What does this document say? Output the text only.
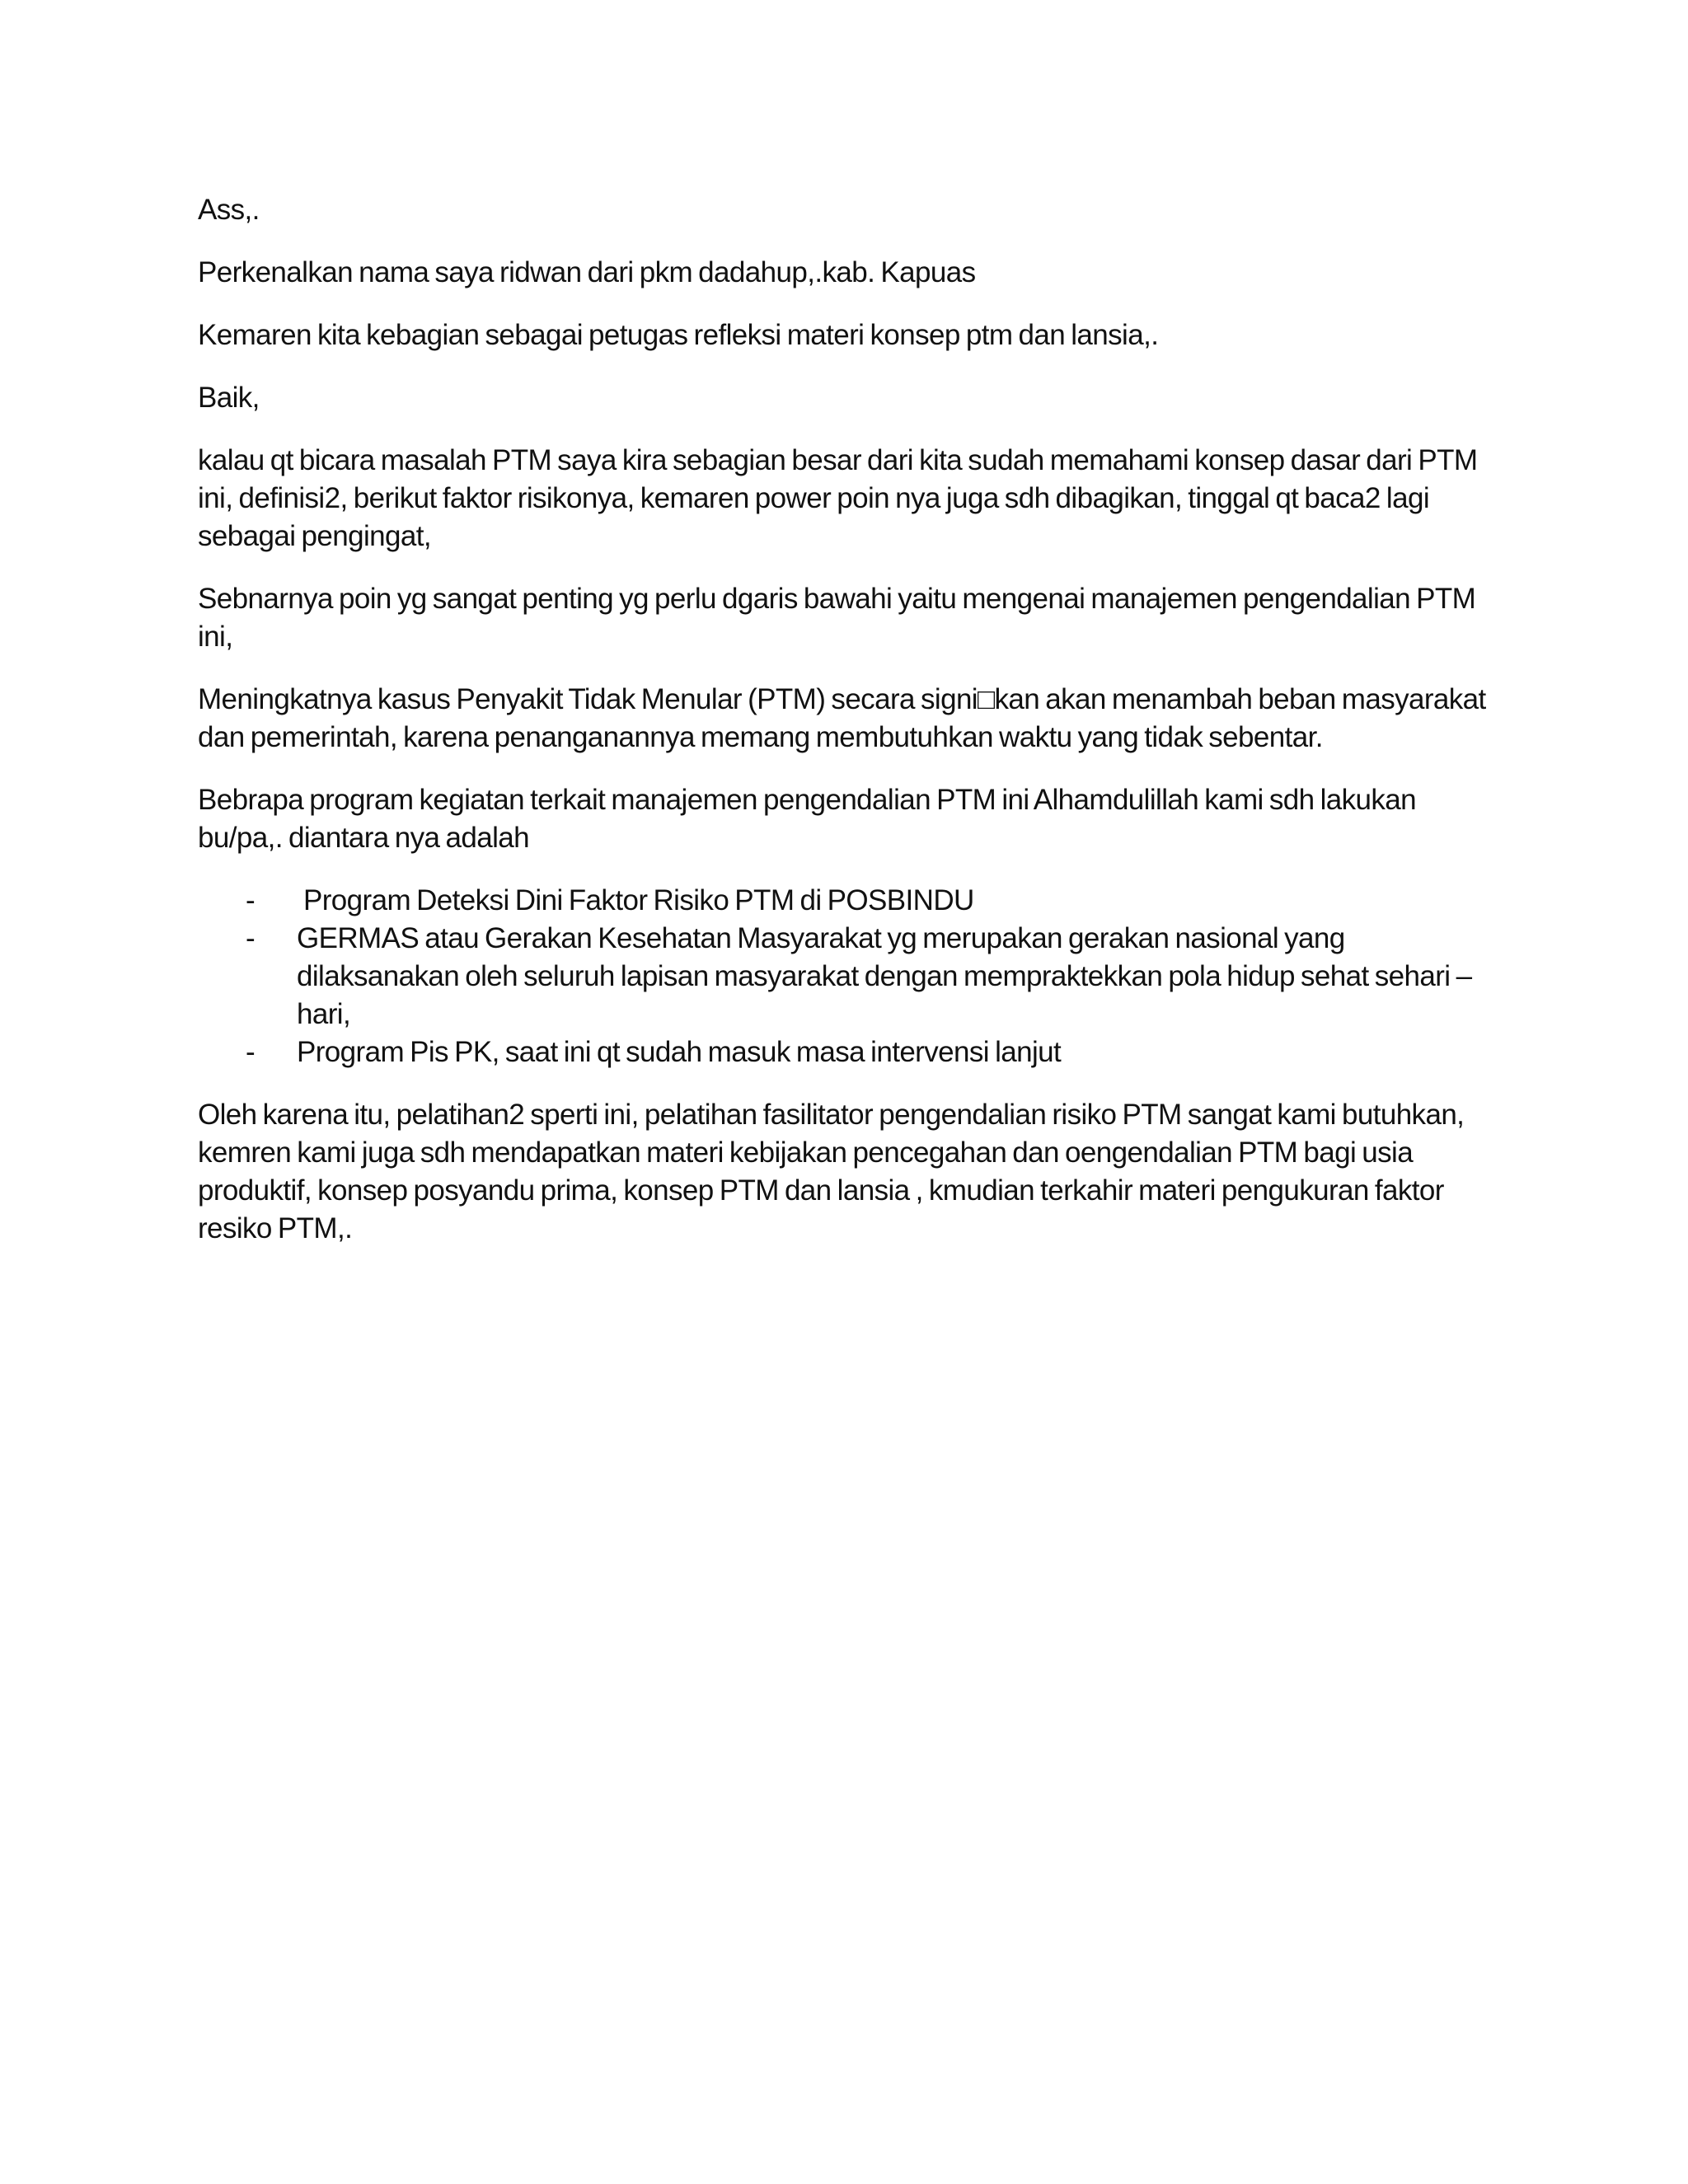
Ass,.

Perkenalkan nama saya ridwan dari pkm dadahup,.kab. Kapuas

Kemaren kita kebagian sebagai petugas refleksi materi konsep ptm dan lansia,.

Baik,

kalau qt bicara masalah PTM saya kira sebagian besar dari kita sudah memahami konsep dasar dari PTM ini, definisi2, berikut faktor risikonya, kemaren power poin nya juga sdh dibagikan, tinggal qt baca2 lagi sebagai pengingat,

Sebnarnya poin yg sangat penting yg perlu dgaris bawahi yaitu mengenai manajemen pengendalian PTM ini,

Meningkatnya kasus Penyakit Tidak Menular (PTM) secara signi□kan akan menambah beban masyarakat dan pemerintah, karena penanganannya memang membutuhkan waktu yang tidak sebentar.

Bebrapa program kegiatan terkait manajemen pengendalian PTM ini Alhamdulillah kami sdh lakukan bu/pa,. diantara nya adalah

- Program Deteksi Dini Faktor Risiko PTM di POSBINDU
- GERMAS atau Gerakan Kesehatan Masyarakat yg merupakan gerakan nasional yang dilaksanakan oleh seluruh lapisan masyarakat dengan mempraktekkan pola hidup sehat sehari – hari,
- Program Pis PK, saat ini qt sudah masuk masa intervensi lanjut

Oleh karena itu, pelatihan2 sperti ini, pelatihan fasilitator pengendalian risiko PTM sangat kami butuhkan, kemren kami juga sdh mendapatkan materi kebijakan pencegahan dan oengendalian PTM bagi usia produktif, konsep posyandu prima, konsep PTM dan lansia , kmudian terkahir materi pengukuran faktor resiko PTM,.
